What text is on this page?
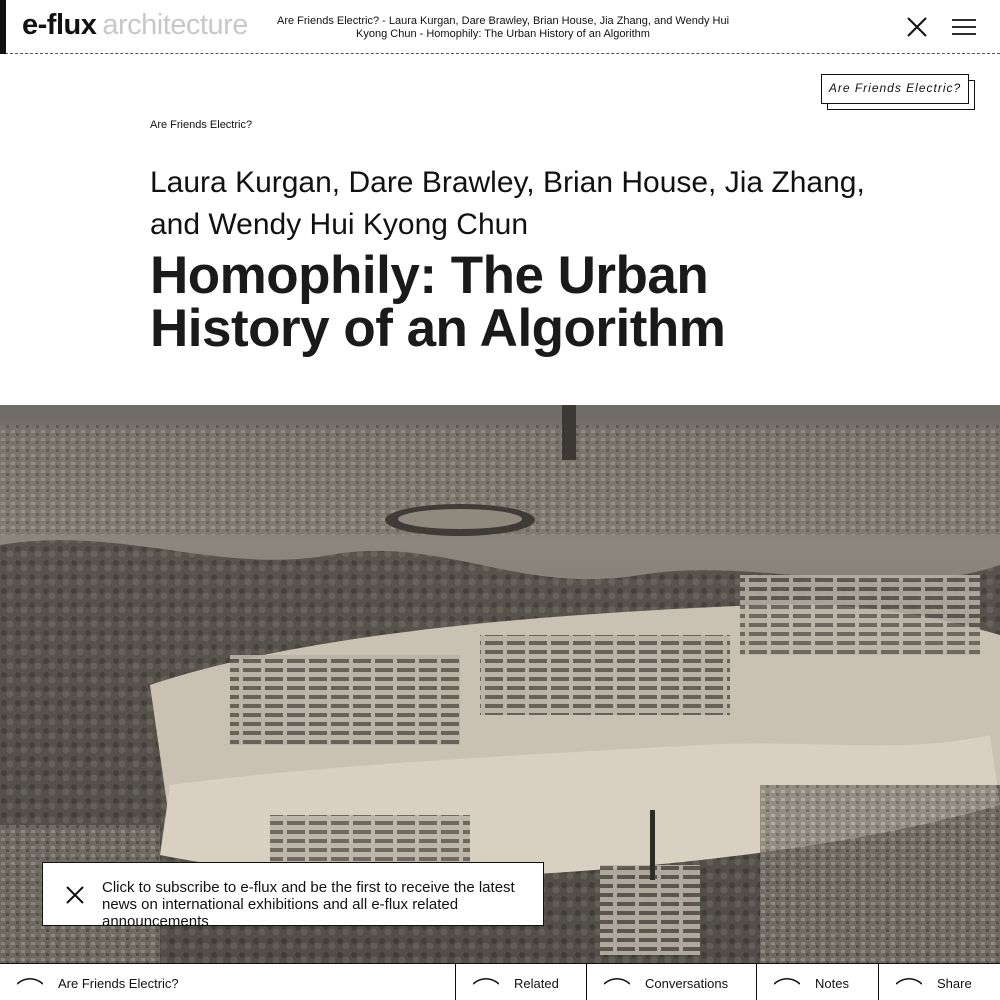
e-flux architecture	Are Friends Electric? - Laura Kurgan, Dare Brawley, Brian House, Jia Zhang, and Wendy Hui Kyong Chun - Homophily: The Urban History of an Algorithm
Are Friends Electric?
Are Friends Electric?
Laura Kurgan, Dare Brawley, Brian House, Jia Zhang, and Wendy Hui Kyong Chun
Homophily: The Urban History of an Algorithm
Click to subscribe to e-flux and be the first to receive the latest news on international exhibitions and all e-flux related announcements
Are Friends Electric?	Related	Conversations	Notes	Share
